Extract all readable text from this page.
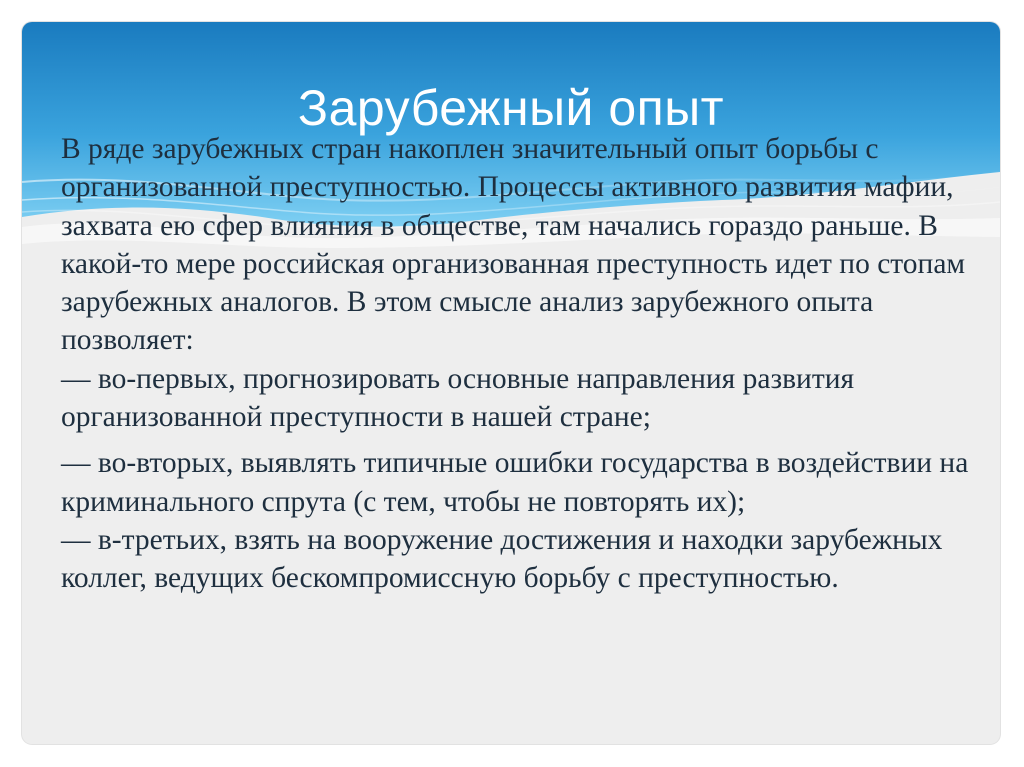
Зарубежный опыт

В ряде зарубежных стран накоплен значительный опыт борьбы с организованной преступностью. Процессы активного развития мафии, захвата ею сфер влияния в обществе, там начались гораздо раньше. В какой-то мере российская организованная преступность идет по стопам зарубежных аналогов. В этом смысле анализ зарубежного опыта позволяет:

— во-первых, прогнозировать основные направления развития организованной преступности в нашей стране;

— во-вторых, выявлять типичные ошибки государства в воздействии на криминального спрута (с тем, чтобы не повторять их);

— в-третьих, взять на вооружение достижения и находки зарубежных коллег, ведущих бескомпромиссную борьбу с преступностью.
